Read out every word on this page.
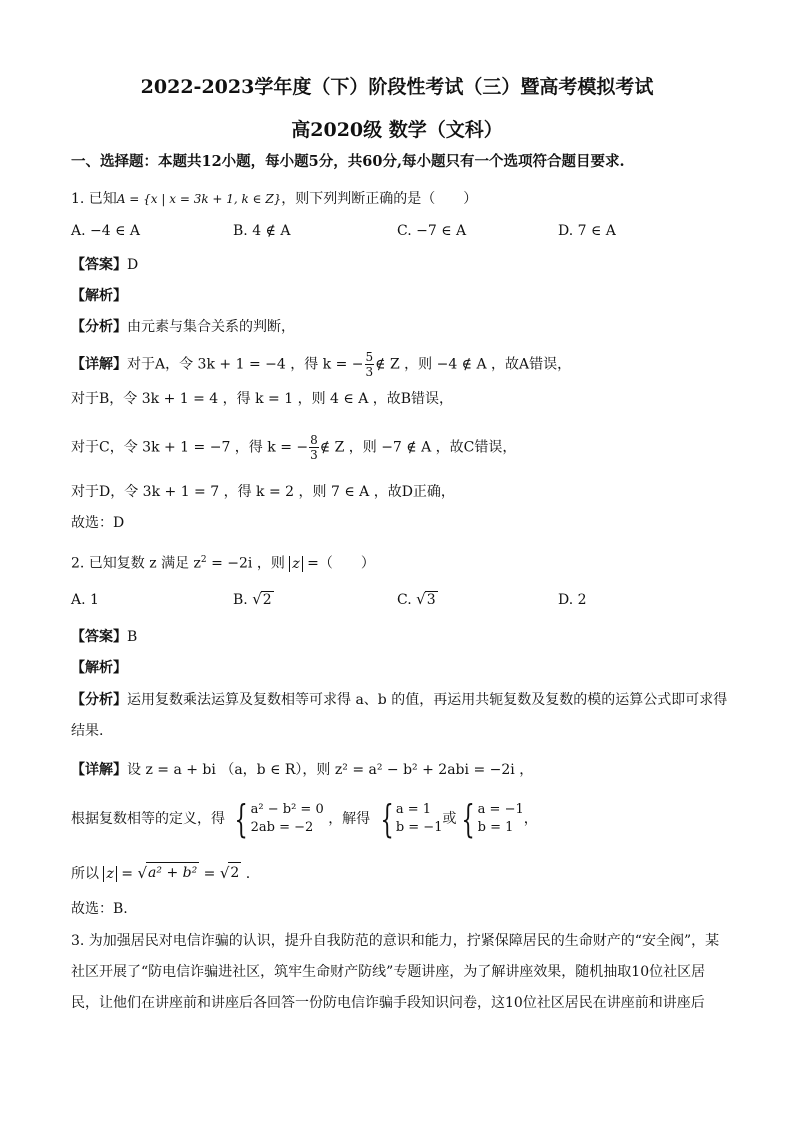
2022-2023学年度（下）阶段性考试（三）暨高考模拟考试
高2020级 数学（文科）
一、选择题：本题共12小题，每小题5分，共60分,每小题只有一个选项符合题目要求.
1. 已知A = {x | x = 3k + 1, k ∈ Z}，则下列判断正确的是（ ）
A. −4 ∈ A	B. 4 ∉ A	C. −7 ∈ A	D. 7 ∈ A
【答案】D
【解析】
【分析】由元素与集合关系的判断，
【详解】对于A，令 3k + 1 = −4 ，得 k = − $\frac{5}{3}$ ∉ Z ，则 −4 ∉ A ，故A错误，
对于B，令 3k + 1 = 4 ，得 k = 1 ，则 4 ∈ A ，故B错误，
对于C，令 3k + 1 = −7 ，得 k = − $\frac{8}{3}$ ∉ Z ，则 −7 ∉ A ，故C错误，
对于D，令 3k + 1 = 7 ，得 k = 2 ，则 7 ∈ A ，故D正确，
故选：D
2. 已知复数 z 满足 $z^2 = -2i$ ，则 z =（ ）
A. 1	B. √ 2	C. √ 3	D. 2
【答案】B
【解析】
【分析】运用复数乘法运算及复数相等可求得 a、b 的值，再运用共轭复数及复数的模的运算公式即可求得
结果.
【详解】设 z = a + bi （a，b ∈ R），则 z² = a² − b² + 2abi = −2i ，
根据复数相等的定义，得 { a² − b² = 0
2ab = −2
，解得 { a = 1
b = −1
或 { a = −1
b = 1
，
所以 z = √ a² + b² = √ 2 .
故选：B.
3. 为加强居民对电信诈骗的认识，提升自我防范的意识和能力，拧紧保障居民的生命财产的“安全阀”，某
社区开展了“防电信诈骗进社区，筑牢生命财产防线”专题讲座，为了解讲座效果，随机抽取10位社区居
民，让他们在讲座前和讲座后各回答一份防电信诈骗手段知识问卷，这10位社区居民在讲座前和讲座后
